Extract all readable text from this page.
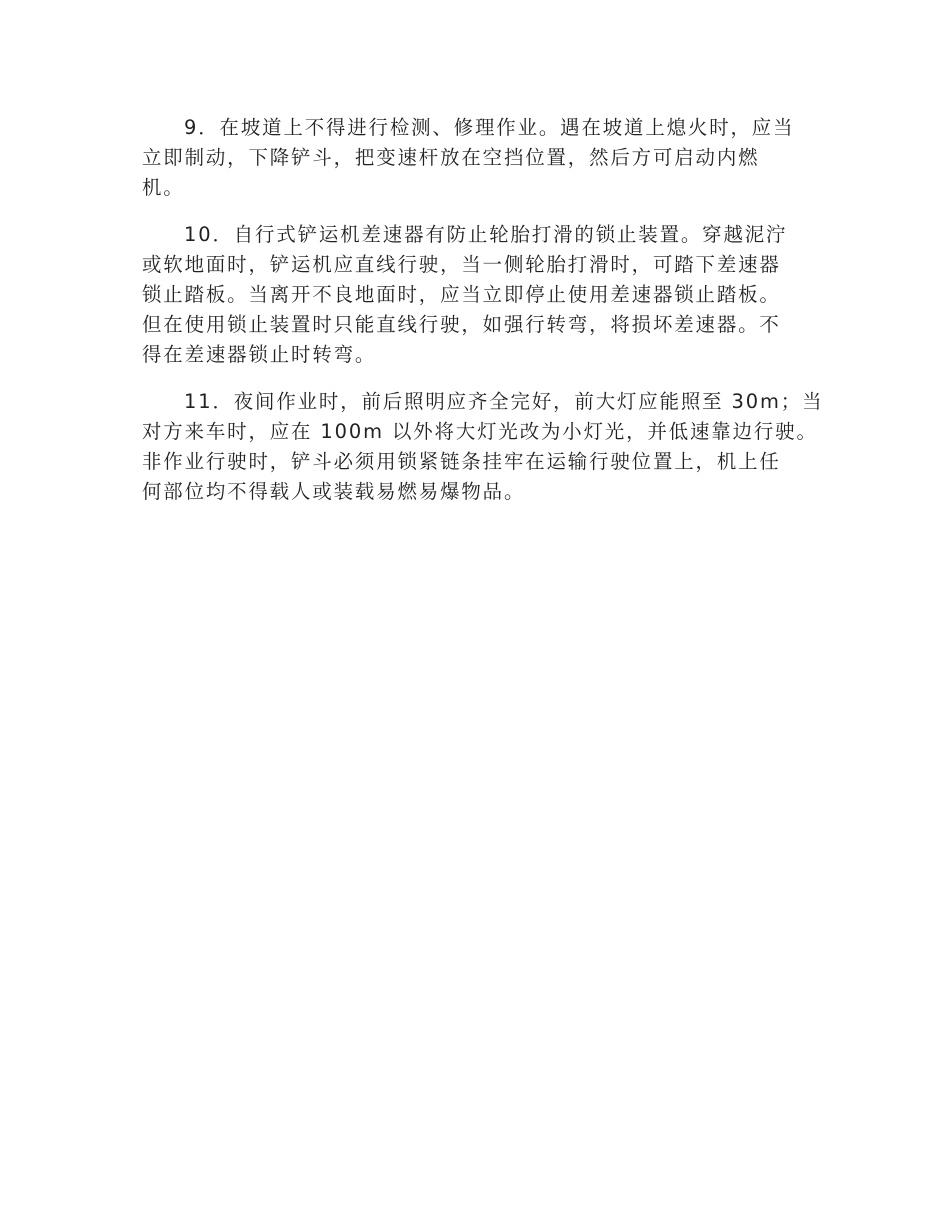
9．在坡道上不得进行检测、修理作业。遇在坡道上熄火时，应当
立即制动，下降铲斗，把变速杆放在空挡位置，然后方可启动内燃
机。

10．自行式铲运机差速器有防止轮胎打滑的锁止装置。穿越泥泞
或软地面时，铲运机应直线行驶，当一侧轮胎打滑时，可踏下差速器
锁止踏板。当离开不良地面时，应当立即停止使用差速器锁止踏板。
但在使用锁止装置时只能直线行驶，如强行转弯，将损坏差速器。不
得在差速器锁止时转弯。

11．夜间作业时，前后照明应齐全完好，前大灯应能照至 30m；当
对方来车时，应在 100m 以外将大灯光改为小灯光，并低速靠边行驶。
非作业行驶时，铲斗必须用锁紧链条挂牢在运输行驶位置上，机上任
何部位均不得载人或装载易燃易爆物品。
